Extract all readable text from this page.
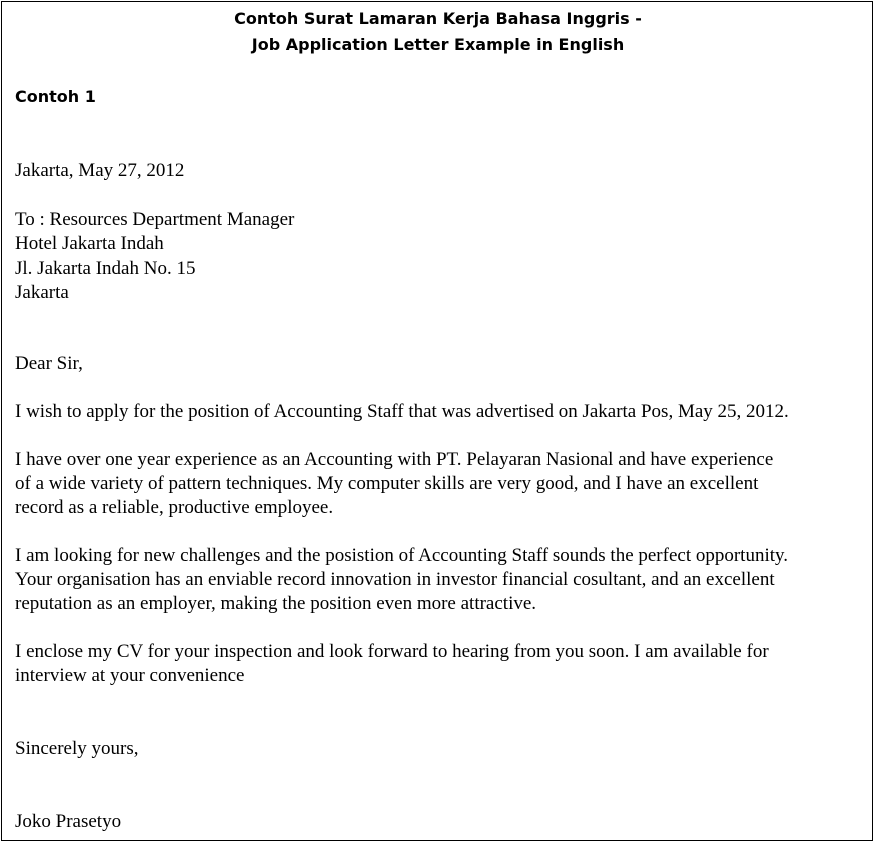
Contoh Surat Lamaran Kerja Bahasa Inggris -
Job Application Letter Example in English
Contoh 1
Jakarta, May 27, 2012
To : Resources Department Manager
Hotel Jakarta Indah
Jl. Jakarta Indah No. 15
Jakarta
Dear Sir,
I wish to apply for the position of Accounting Staff that was advertised on Jakarta Pos, May 25, 2012.
I have over one year experience as an Accounting with PT. Pelayaran Nasional and have experience
of a wide variety of pattern techniques. My computer skills are very good, and I have an excellent
record as a reliable, productive employee.
I am looking for new challenges and the posistion of Accounting Staff sounds the perfect opportunity.
Your organisation has an enviable record innovation in investor financial cosultant, and an excellent
reputation as an employer, making the position even more attractive.
I enclose my CV for your inspection and look forward to hearing from you soon. I am available for
interview at your convenience
Sincerely yours,
Joko Prasetyo
